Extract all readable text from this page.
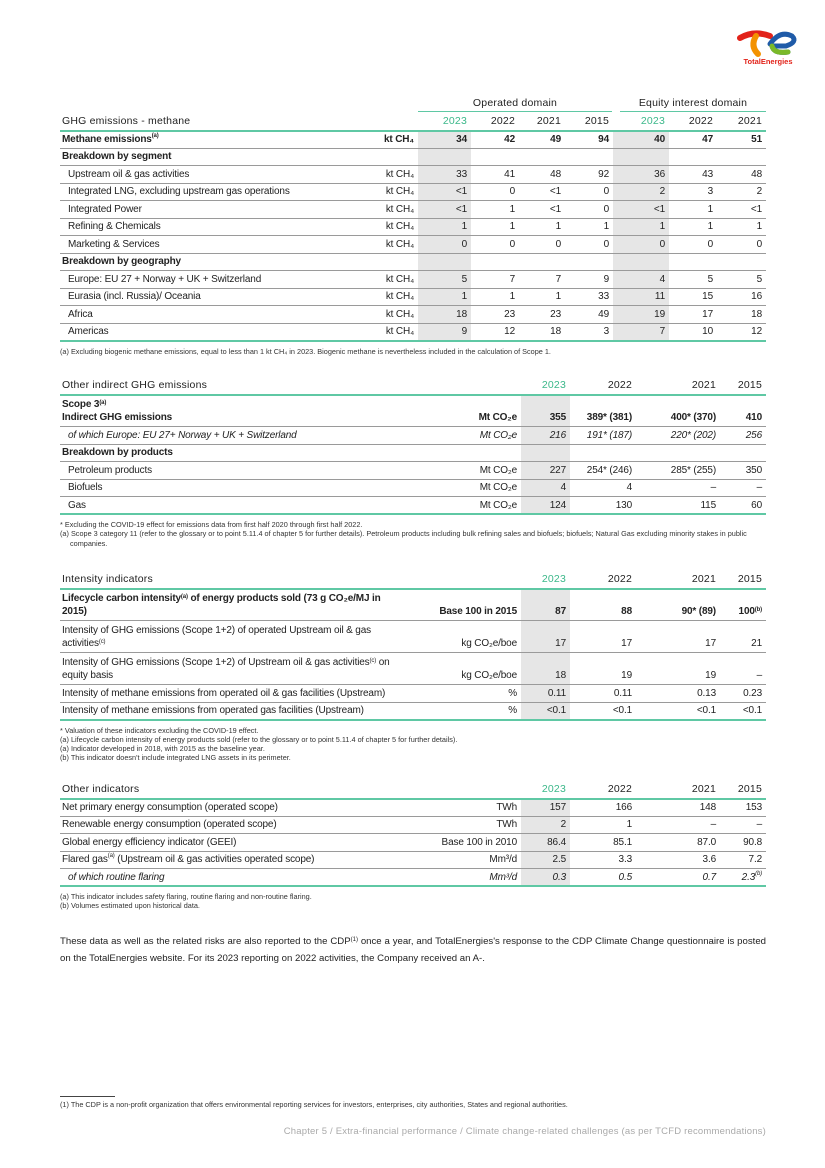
TotalEnergies
Operated domain	Equity interest domain
GHG emissions - methane		2023	2022	2021	2015	2023	2022	2021
Methane emissions$^{(a)}$	kt CH₄	34	42	49	94	40	47	51
Breakdown by segment								
Upstream oil & gas activities	kt CH₄	33	41	48	92	36	43	48
Integrated LNG, excluding upstream gas operations	kt CH₄	<1	0	<1	0	2	3	2
Integrated Power	kt CH₄	<1	1	<1	0	<1	1	<1
Refining & Chemicals	kt CH₄	1	1	1	1	1	1	1
Marketing & Services	kt CH₄	0	0	0	0	0	0	0
Breakdown by geography								
Europe: EU 27 + Norway + UK + Switzerland	kt CH₄	5	7	7	9	4	5	5
Eurasia (incl. Russia)/ Oceania	kt CH₄	1	1	1	33	11	15	16
Africa	kt CH₄	18	23	23	49	19	17	18
Americas	kt CH₄	9	12	18	3	7	10	12
(a) Excluding biogenic methane emissions, equal to less than 1 kt CH₄ in 2023. Biogenic methane is nevertheless included in the calculation of Scope 1.
Other indirect GHG emissions		2023	2022	2021	2015
Scope 3$^{(a)}$
Indirect GHG emissions	Mt CO₂e	355	389* (381)	400* (370)	410
of which Europe: EU 27+ Norway + UK + Switzerland	Mt CO₂e	216	191* (187)	220* (202)	256
Breakdown by products					
Petroleum products	Mt CO₂e	227	254* (246)	285* (255)	350
Biofuels	Mt CO₂e	4	4	–	–
Gas	Mt CO₂e	124	130	115	60
* Excluding the COVID-19 effect for emissions data from first half 2020 through first half 2022.
(a) Scope 3 category 11 (refer to the glossary or to point 5.11.4 of chapter 5 for further details). Petroleum products including bulk refining sales and biofuels; biofuels; Natural Gas excluding minority stakes in public companies.
Intensity indicators		2023	2022	2021	2015
Lifecycle carbon intensity$^{(a)}$ of energy products sold (73 g CO₂e/MJ in 2015)	Base 100 in 2015	87	88	90* (89)	100$^{(b)}$
Intensity of GHG emissions (Scope 1+2) of operated Upstream oil & gas activities$^{(c)}$	kg CO₂e/boe	17	17	17	21
Intensity of GHG emissions (Scope 1+2) of Upstream oil & gas activities$^{(c)}$ on equity basis	kg CO₂e/boe	18	19	19	–
Intensity of methane emissions from operated oil & gas facilities (Upstream)	%	0.11	0.11	0.13	0.23
Intensity of methane emissions from operated gas facilities (Upstream)	%	<0.1	<0.1	<0.1	<0.1
* Valuation of these indicators excluding the COVID-19 effect.
(a) Lifecycle carbon intensity of energy products sold (refer to the glossary or to point 5.11.4 of chapter 5 for further details).
(a) Indicator developed in 2018, with 2015 as the baseline year.
(b) This indicator doesn't include integrated LNG assets in its perimeter.
Other indicators		2023	2022	2021	2015
Net primary energy consumption (operated scope)	TWh	157	166	148	153
Renewable energy consumption (operated scope)	TWh	2	1	–	–
Global energy efficiency indicator (GEEI)	Base 100 in 2010	86.4	85.1	87.0	90.8
Flared gas$^{(a)}$ (Upstream oil & gas activities operated scope)	Mm³/d	2.5	3.3	3.6	7.2
of which routine flaring	Mm³/d	0.3	0.5	0.7	2.3$^{(b)}$
(a) This indicator includes safety flaring, routine flaring and non-routine flaring.
(b) Volumes estimated upon historical data.

These data as well as the related risks are also reported to the CDP$^{(1)}$ once a year, and TotalEnergies's response to the CDP Climate Change questionnaire is posted on the TotalEnergies website. For its 2023 reporting on 2022 activities, the Company received an A-.

(1) The CDP is a non-profit organization that offers environmental reporting services for investors, enterprises, city authorities, States and regional authorities.
Chapter 5 / Extra-financial performance / Climate change-related challenges (as per TCFD recommendations)
